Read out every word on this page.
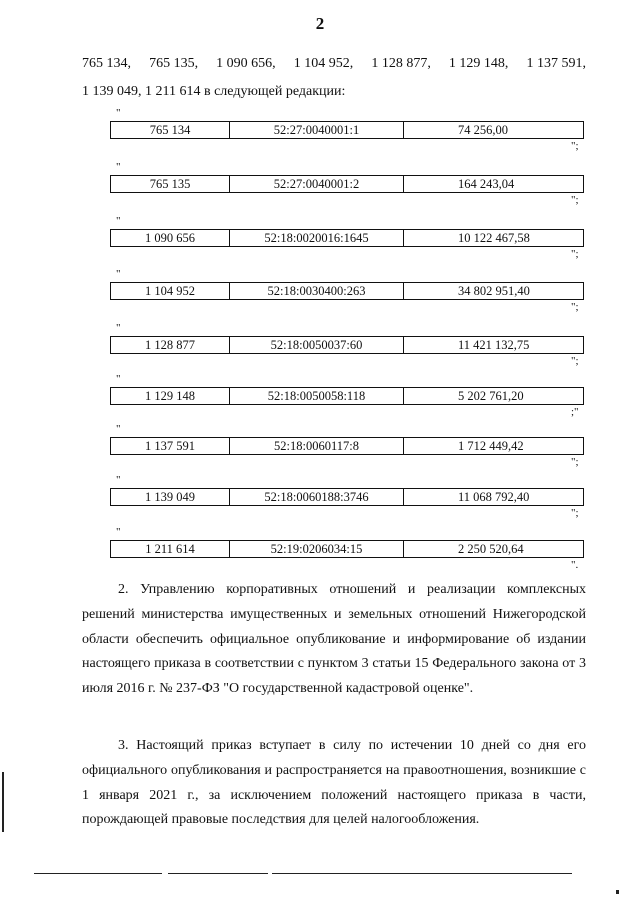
2
765 134, 765 135, 1 090 656, 1 104 952, 1 128 877, 1 129 148, 1 137 591,
1 139 049, 1 211 614 в следующей редакции:
"
765 134	52:27:0040001:1	74 256,00
";
"
765 135	52:27:0040001:2	164 243,04
";
"
1 090 656	52:18:0020016:1645	10 122 467,58
";
"
1 104 952	52:18:0030400:263	34 802 951,40
";
"
1 128 877	52:18:0050037:60	11 421 132,75
";
"
1 129 148	52:18:0050058:118	5 202 761,20
;"
"
1 137 591	52:18:0060117:8	1 712 449,42
";
"
1 139 049	52:18:0060188:3746	11 068 792,40
";
"
1 211 614	52:19:0206034:15	2 250 520,64
".
2. Управлению корпоративных отношений и реализации комплексных решений министерства имущественных и земельных отношений Нижегородской области обеспечить официальное опубликование и информирование об издании настоящего приказа в соответствии с пунктом 3 статьи 15 Федерального закона от 3 июля 2016 г. № 237-ФЗ "О государственной кадастровой оценке".
3. Настоящий приказ вступает в силу по истечении 10 дней со дня его официального опубликования и распространяется на правоотношения, возникшие с 1 января 2021 г., за исключением положений настоящего приказа в части, порождающей правовые последствия для целей налогообложения.
